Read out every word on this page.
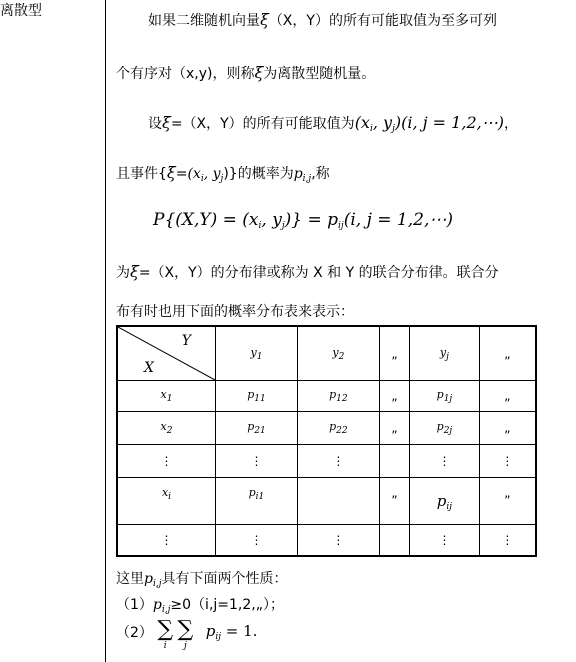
离散型
如果二维随机向量ξ（X，Y）的所有可能取值为至多可列
个有序对（x,y)，则称ξ为离散型随机量。
设ξ=（X，Y）的所有可能取值为($x_i$, $y_j)(i$, j = 1,2,⋯)，
且事件{$\xi=(x_i$, $y_j$)}的概率为$p_{i,j}$,称
$P\{(X,Y) = (x_i$, $y_j)\} = p_{ij}(i$, j = 1,2,⋯)
为ξ=（X，Y）的分布律或称为 X 和 Y 的联合分布律。联合分
布有时也用下面的概率分布表来表示：
Y
X	$y_1$	$y_2$	„	$y_j$	„
$x_1$	$p_{11}$	$p_{12}$	„	$p_{1j}$	„
$x_2$	$p_{21}$	$p_{22}$	„	$p_{2j}$	„
⋮	⋮	⋮		⋮	⋮

$x_i$	$p_{i1}$		„	$p_{ij}$	„

⋮	⋮	⋮		⋮	⋮
这里$p_{i,j}$具有下面两个性质：
$(1)p_{i,j}\ge 0(i,j=1,2,„)$；
（2） ∑
i

∑
j
$p_{ij} = 1$.
